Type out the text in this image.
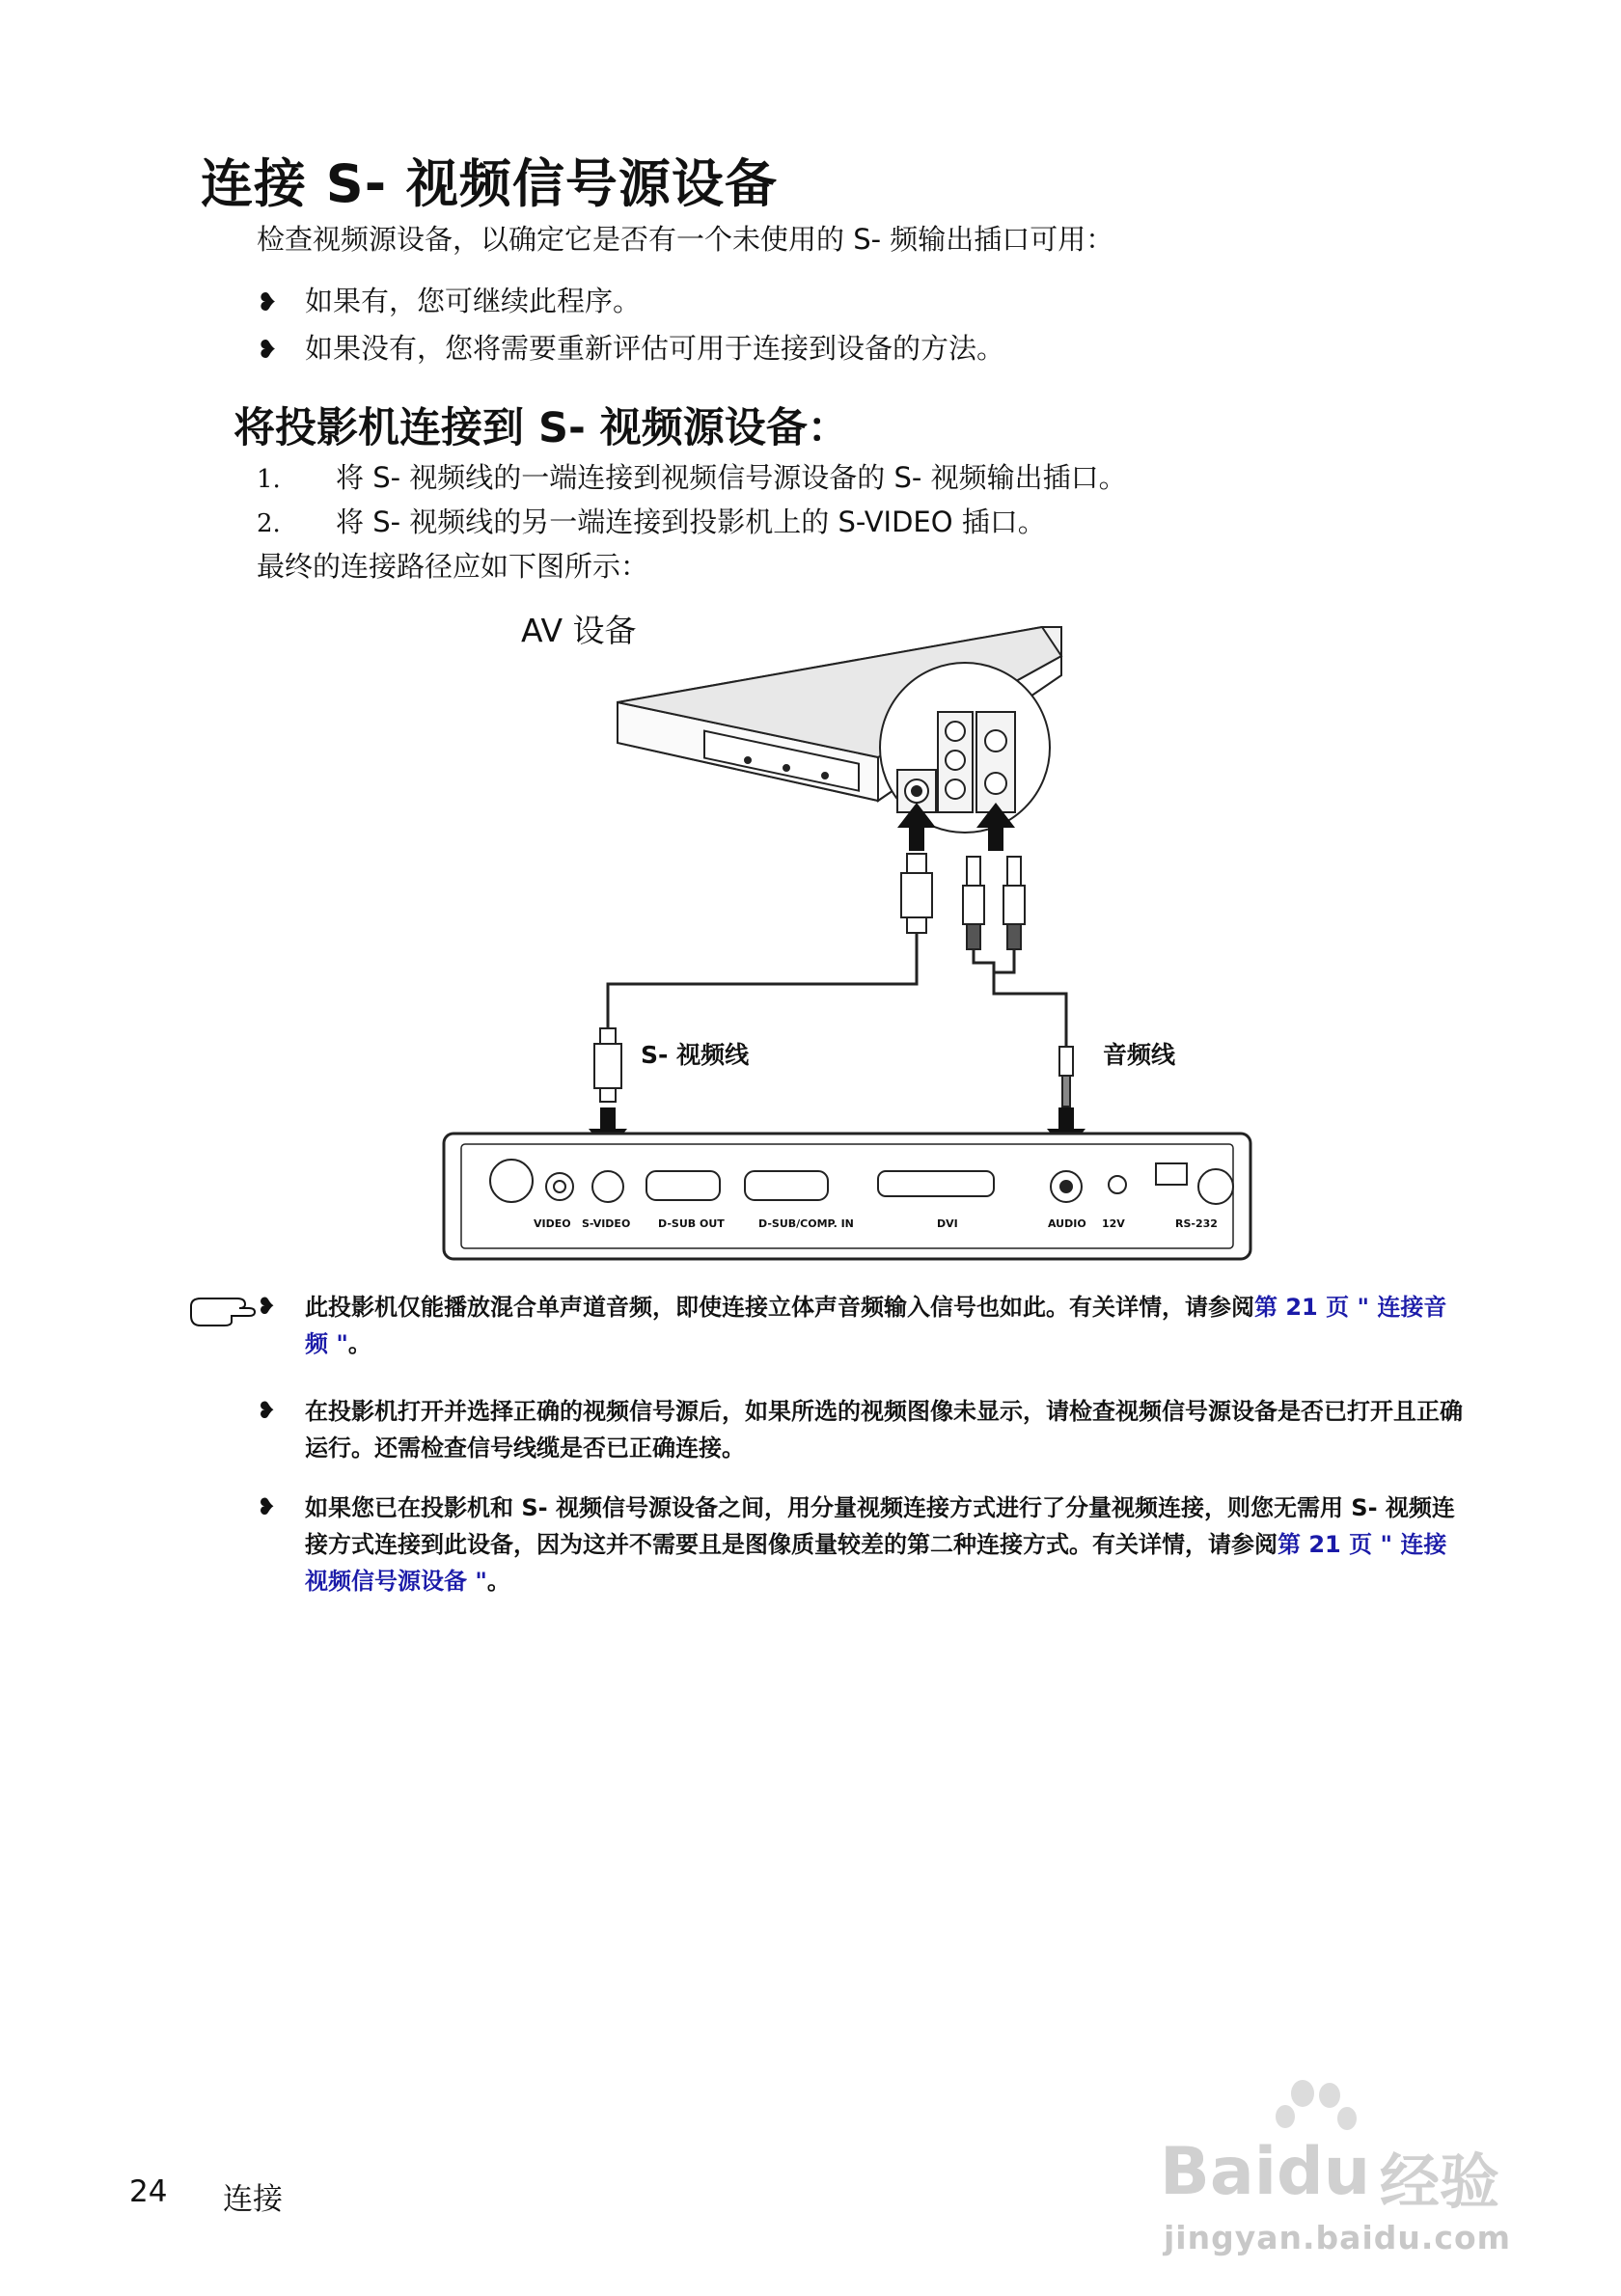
连接 S- 视频信号源设备
检查视频源设备，以确定它是否有一个未使用的 S- 频输出插口可用：
❥ 如果有，您可继续此程序。
❥ 如果没有，您将需要重新评估可用于连接到设备的方法。
将投影机连接到 S- 视频源设备：
1. 将 S- 视频线的一端连接到视频信号源设备的 S- 视频输出插口。
2. 将 S- 视频线的另一端连接到投影机上的 S-VIDEO 插口。
最终的连接路径应如下图所示：
VIDEO S-VIDEO	D-SUB OUT	D-SUB/COMP. IN	DVI	AUDIO 12V	RS-232
AV 设备
S- 视频线	音频线
❥ 此投影机仅能播放混合单声道音频，即使连接立体声音频输入信号也如此。有关详情，请参阅第 21 页 " 连接音频 "。
❥ 在投影机打开并选择正确的视频信号源后，如果所选的视频图像未显示，请检查视频信号源设备是否已打开且正确运行。还需检查信号线缆是否已正确连接。
❥ 如果您已在投影机和 S- 视频信号源设备之间，用分量视频连接方式进行了分量视频连接，则您无需用 S- 视频连接方式连接到此设备，因为这并不需要且是图像质量较差的第二种连接方式。有关详情，请参阅第 21 页 " 连接视频信号源设备 "。
Baidu 经验
jingyan.baidu.com
24 连接
